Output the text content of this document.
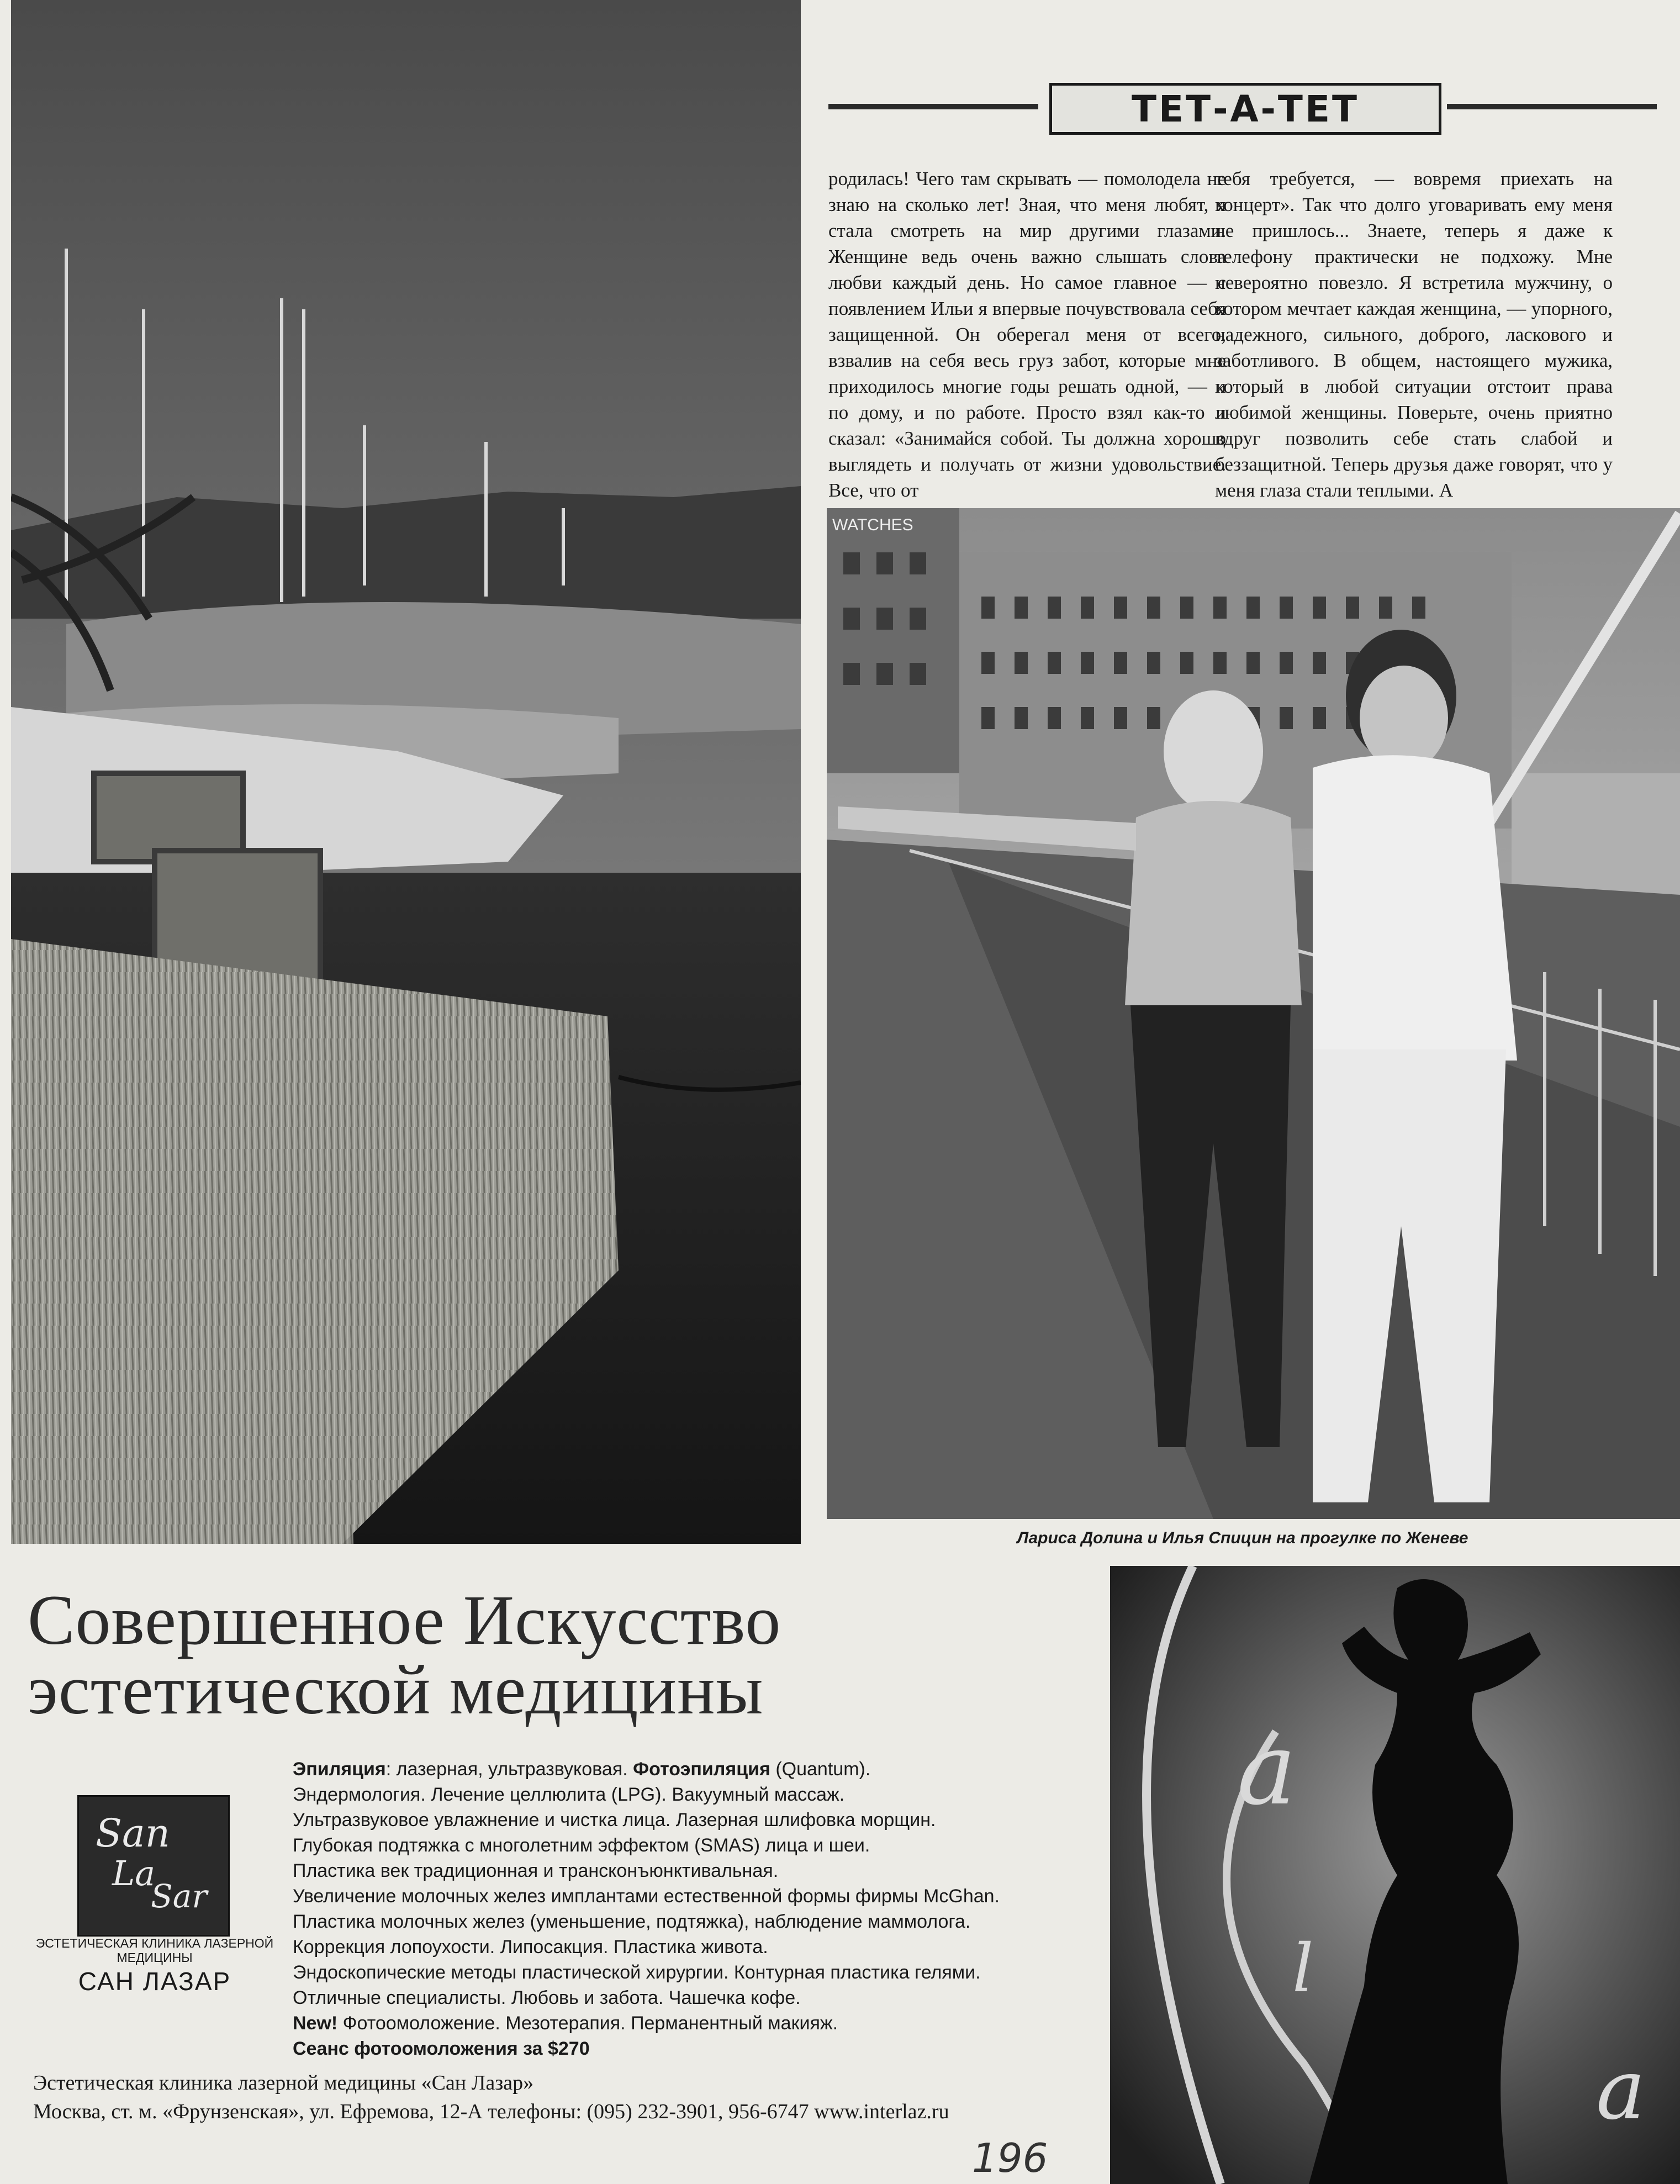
ТЕТ-А-ТЕТ
родилась! Чего там скрывать — помолодела не знаю на сколько лет! Зная, что меня любят, я стала смотреть на мир другими глазами. Женщине ведь очень важно слышать слова любви каждый день. Но самое главное — с появлением Ильи я впервые почувствовала себя защищенной. Он оберегал меня от всего, взвалив на себя весь груз забот, которые мне приходилось многие годы решать одной, — и по дому, и по работе. Просто взял как-то и сказал: «Занимайся собой. Ты должна хорошо выглядеть и получать от жизни удовольствие. Все, что от
тебя требуется, — вовремя приехать на концерт». Так что долго уговаривать ему меня не пришлось... Знаете, теперь я даже к телефону практически не подхожу. Мне невероятно повезло. Я встретила мужчину, о котором мечтает каждая женщина, — упорного, надежного, сильного, доброго, ласкового и заботливого. В общем, настоящего мужика, который в любой ситуации отстоит права любимой женщины. Поверьте, очень приятно вдруг позволить себе стать слабой и беззащитной. Теперь друзья даже говорят, что у меня глаза стали теплыми. А
WATCHES
Лариса Долина и Илья Спицин на прогулке по Женеве
Совершенное Искусство
эстетической медицины
San
La
Sar
ЭСТЕТИЧЕСКАЯ КЛИНИКА ЛАЗЕРНОЙ МЕДИЦИНЫ
САН ЛАЗАР
Эпиляция: лазерная, ультразвуковая. Фотоэпиляция (Quantum).
Эндермология. Лечение целлюлита (LPG). Вакуумный массаж.
Ультразвуковое увлажнение и чистка лица. Лазерная шлифовка морщин.
Глубокая подтяжка с многолетним эффектом (SMAS) лица и шеи.
Пластика век традиционная и трансконъюнктивальная.
Увеличение молочных желез имплантами естественной формы фирмы McGhan.
Пластика молочных желез (уменьшение, подтяжка), наблюдение маммолога.
Коррекция лопоухости. Липосакция. Пластика живота.
Эндоскопические методы пластической хирургии. Контурная пластика гелями.
Отличные специалисты. Любовь и забота. Чашечка кофе.
New! Фотоомоложение. Мезотерапия. Перманентный макияж.
Сеанс фотоомоложения за $270
Эстетическая клиника лазерной медицины «Сан Лазар»
Москва, ст. м. «Фрунзенская», ул. Ефремова, 12-А телефоны: (095) 232-3901, 956-6747 www.interlaz.ru
196
a
l
a
